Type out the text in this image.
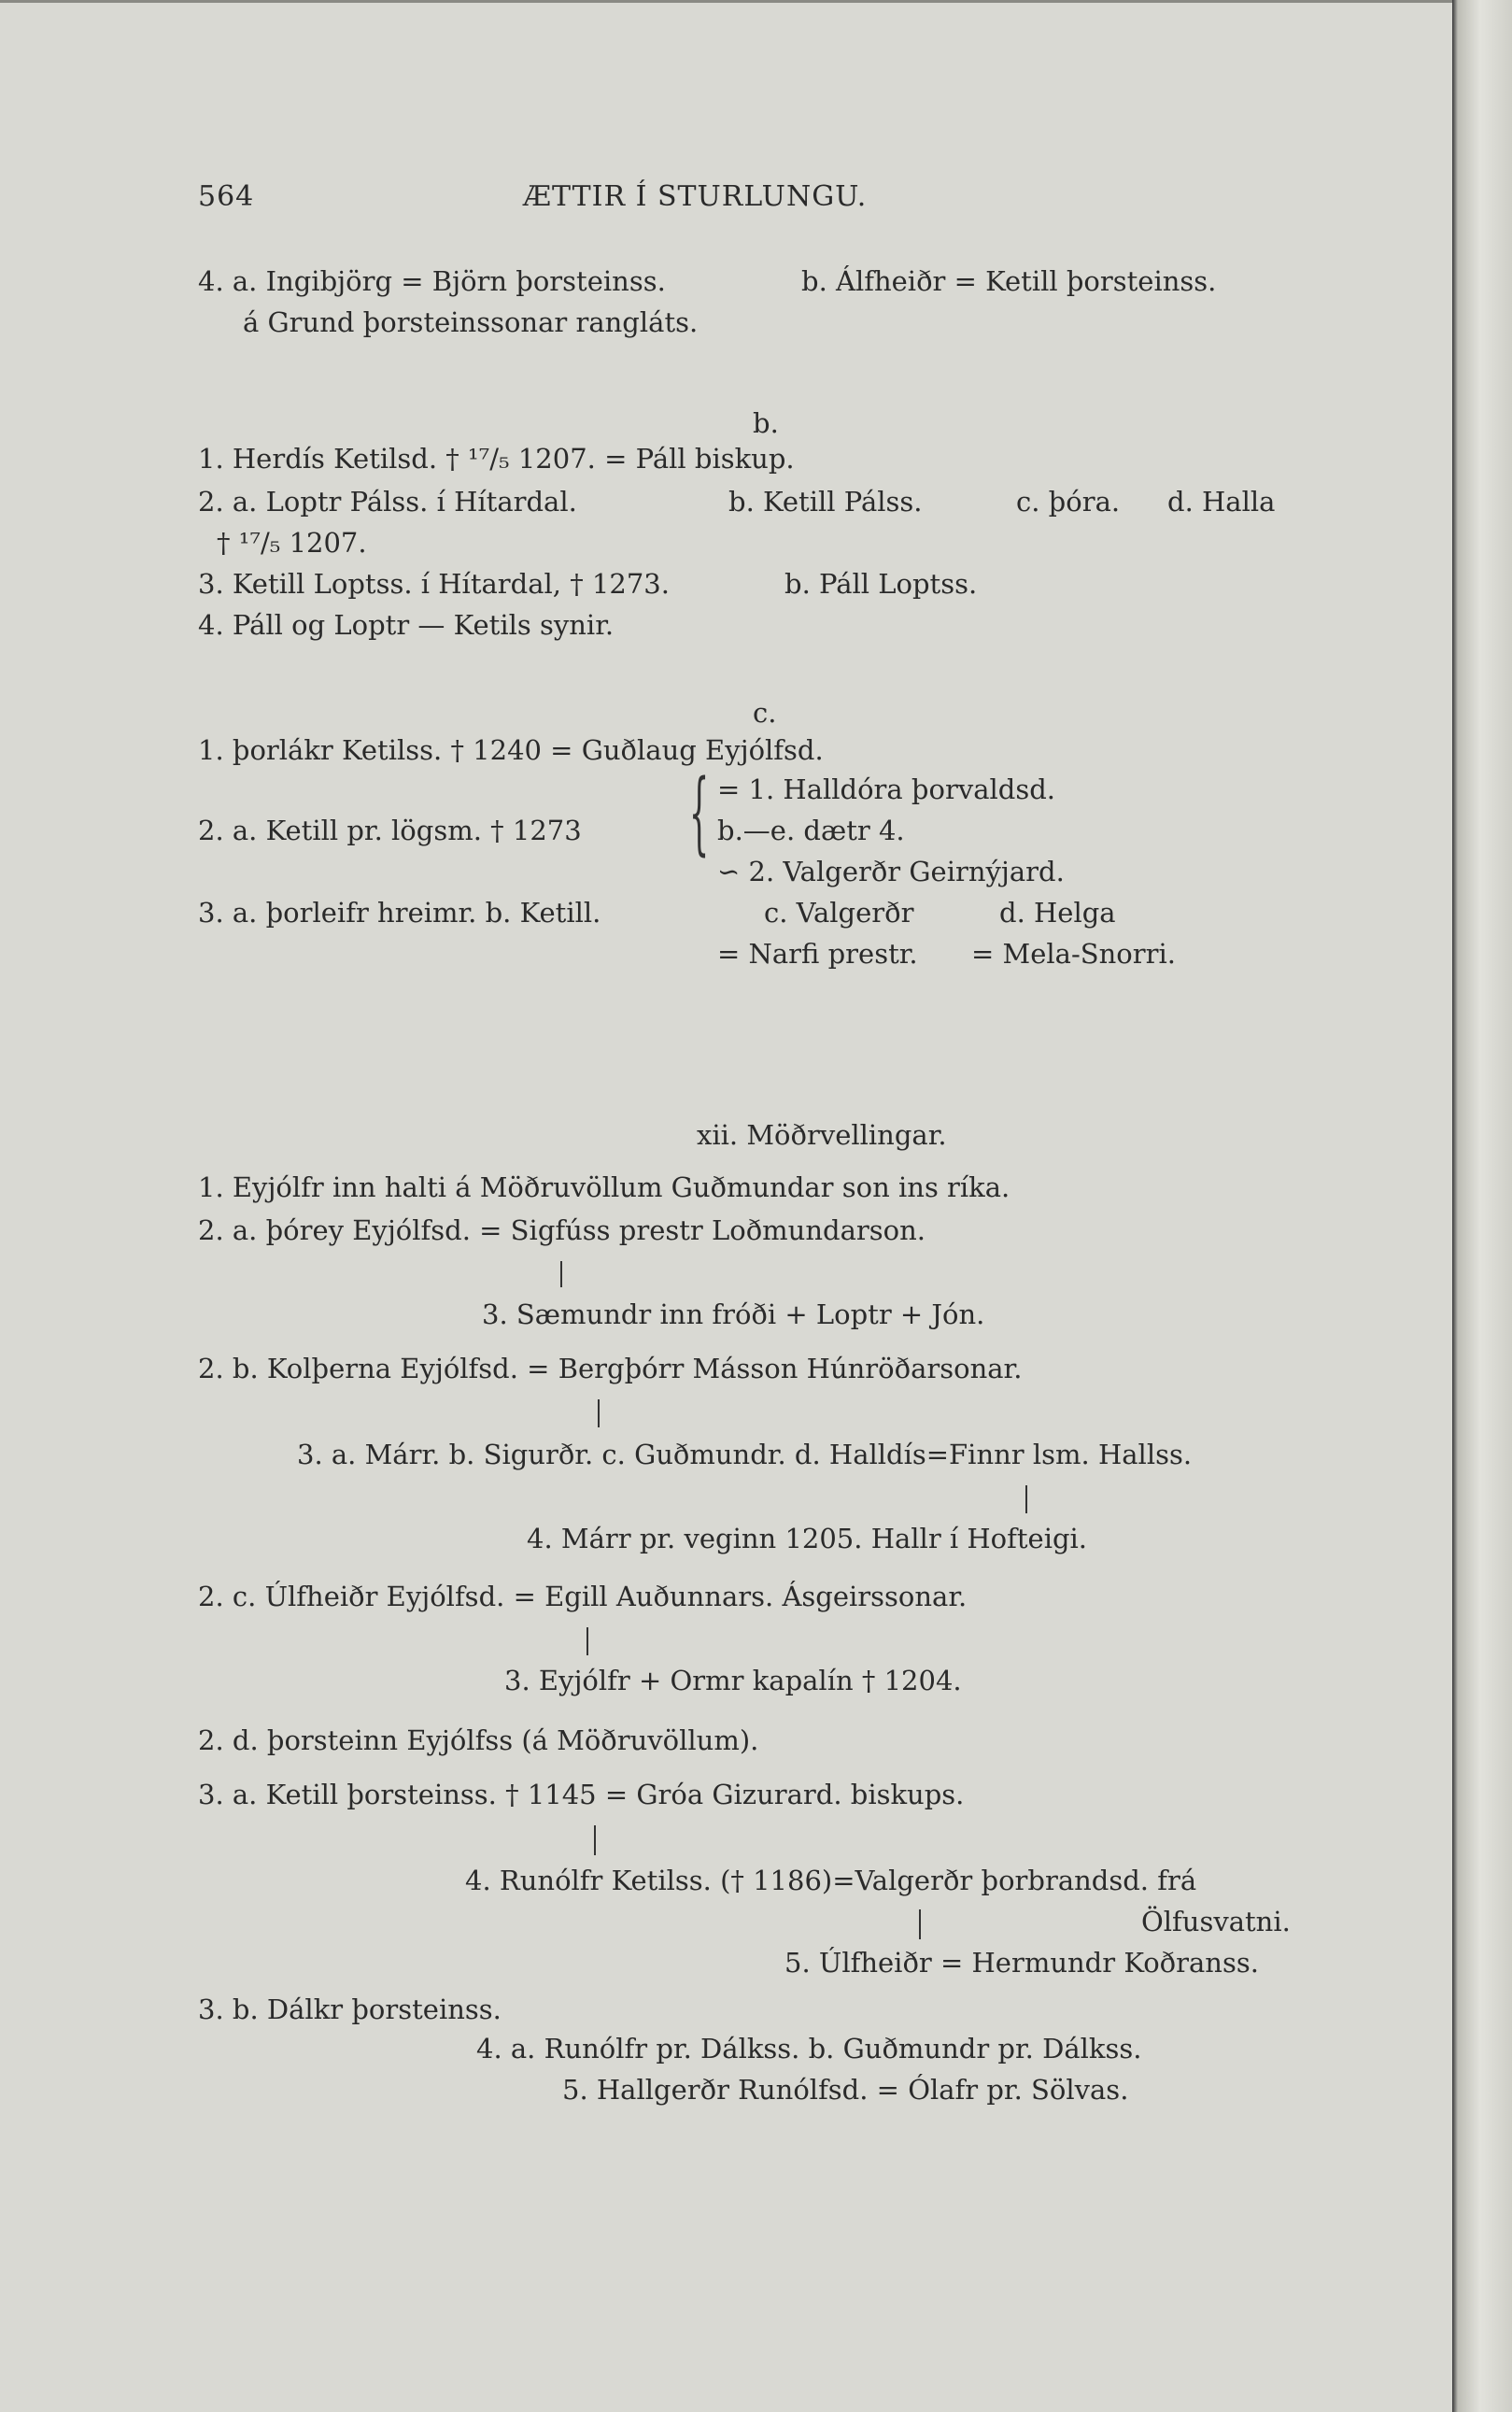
564	ÆTTIR Í STURLUNGU.
4. a. Ingibjörg = Björn þorsteinss.	b. Álfheiðr = Ketill þorsteinss.
á Grund þorsteinssonar rangláts.
b.
1. Herdís Ketilsd. † ¹⁷/₅ 1207. = Páll biskup.
2. a. Loptr Pálss. í Hítardal.	b. Ketill Pálss.	c. þóra. d. Halla
† ¹⁷/₅ 1207.
3. Ketill Loptss. í Hítardal, † 1273.	b. Páll Loptss.
4. Páll og Loptr — Ketils synir.
c.
1. þorlákr Ketilss. † 1240 = Guðlaug Eyjólfsd.
= 1. Halldóra þorvaldsd.
{
2. a. Ketill pr. lögsm. † 1273	b.—e. dætr 4.
∽ 2. Valgerðr Geirnýjard.
3. a. þorleifr hreimr. b. Ketill.	c. Valgerðr	d. Helga
= Narfi prestr. = Mela-Snorri.
xii. Möðrvellingar.
1. Eyjólfr inn halti á Möðruvöllum Guðmundar son ins ríka.
2. a. þórey Eyjólfsd. = Sigfúss prestr Loðmundarson.
3. Sæmundr inn fróði + Loptr + Jón.
2. b. Kolþerna Eyjólfsd. = Bergþórr Másson Húnröðarsonar.
3. a. Márr. b. Sigurðr. c. Guðmundr. d. Halldís=Finnr lsm. Hallss.
4. Márr pr. veginn 1205. Hallr í Hofteigi.
2. c. Úlfheiðr Eyjólfsd. = Egill Auðunnars. Ásgeirssonar.
3. Eyjólfr + Ormr kapalín † 1204.
2. d. þorsteinn Eyjólfss (á Möðruvöllum).
3. a. Ketill þorsteinss. † 1145 = Gróa Gizurard. biskups.
4. Runólfr Ketilss. († 1186)=Valgerðr þorbrandsd. frá
Ölfusvatni.
5. Úlfheiðr = Hermundr Koðranss.
3. b. Dálkr þorsteinss.
4. a. Runólfr pr. Dálkss. b. Guðmundr pr. Dálkss.
5. Hallgerðr Runólfsd. = Ólafr pr. Sölvas.
